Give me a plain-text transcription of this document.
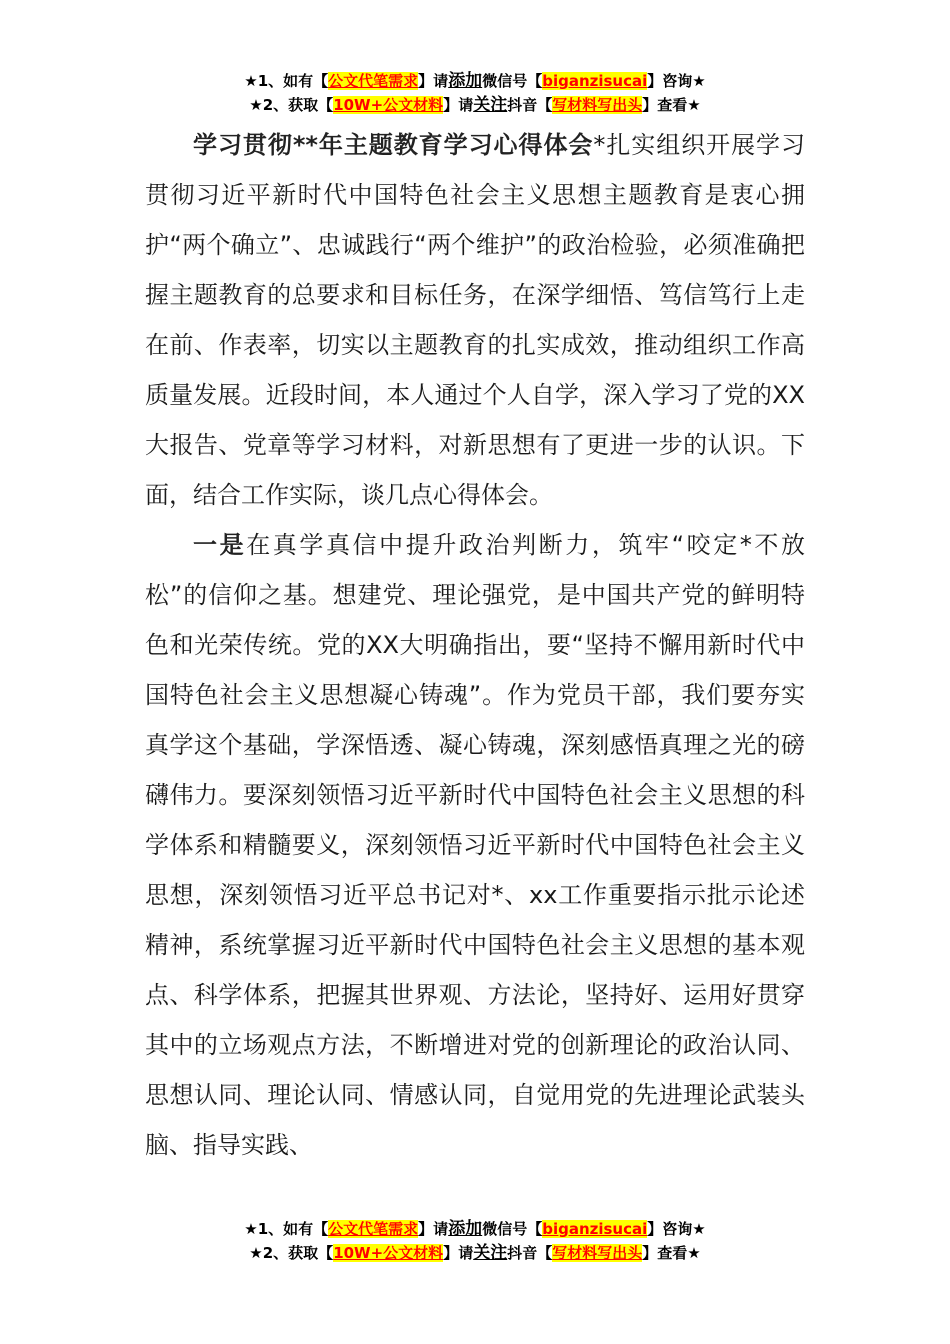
★1、如有【公文代笔需求】请添加微信号【biganzisucai】咨询★
★2、获取【10W+公文材料】请关注抖音【写材料写出头】查看★

学习贯彻**年主题教育学习心得体会*扎实组织开展学习贯彻习近平新时代中国特色社会主义思想主题教育是衷心拥护“两个确立”、忠诚践行“两个维护”的政治检验，必须准确把握主题教育的总要求和目标任务，在深学细悟、笃信笃行上走在前、作表率，切实以主题教育的扎实成效，推动组织工作高质量发展。近段时间，本人通过个人自学，深入学习了党的XX大报告、党章等学习材料，对新思想有了更进一步的认识。下面，结合工作实际，谈几点心得体会。

一是在真学真信中提升政治判断力，筑牢“咬定*不放松”的信仰之基。想建党、理论强党，是中国共产党的鲜明特色和光荣传统。党的XX大明确指出，要“坚持不懈用新时代中国特色社会主义思想凝心铸魂”。作为党员干部，我们要夯实真学这个基础，学深悟透、凝心铸魂，深刻感悟真理之光的磅礴伟力。要深刻领悟习近平新时代中国特色社会主义思想的科学体系和精髓要义，深刻领悟习近平新时代中国特色社会主义思想，深刻领悟习近平总书记对*、xx工作重要指示批示论述精神，系统掌握习近平新时代中国特色社会主义思想的基本观点、科学体系，把握其世界观、方法论，坚持好、运用好贯穿其中的立场观点方法，不断增进对党的创新理论的政治认同、思想认同、理论认同、情感认同，自觉用党的先进理论武装头脑、指导实践、

★1、如有【公文代笔需求】请添加微信号【biganzisucai】咨询★
★2、获取【10W+公文材料】请关注抖音【写材料写出头】查看★
